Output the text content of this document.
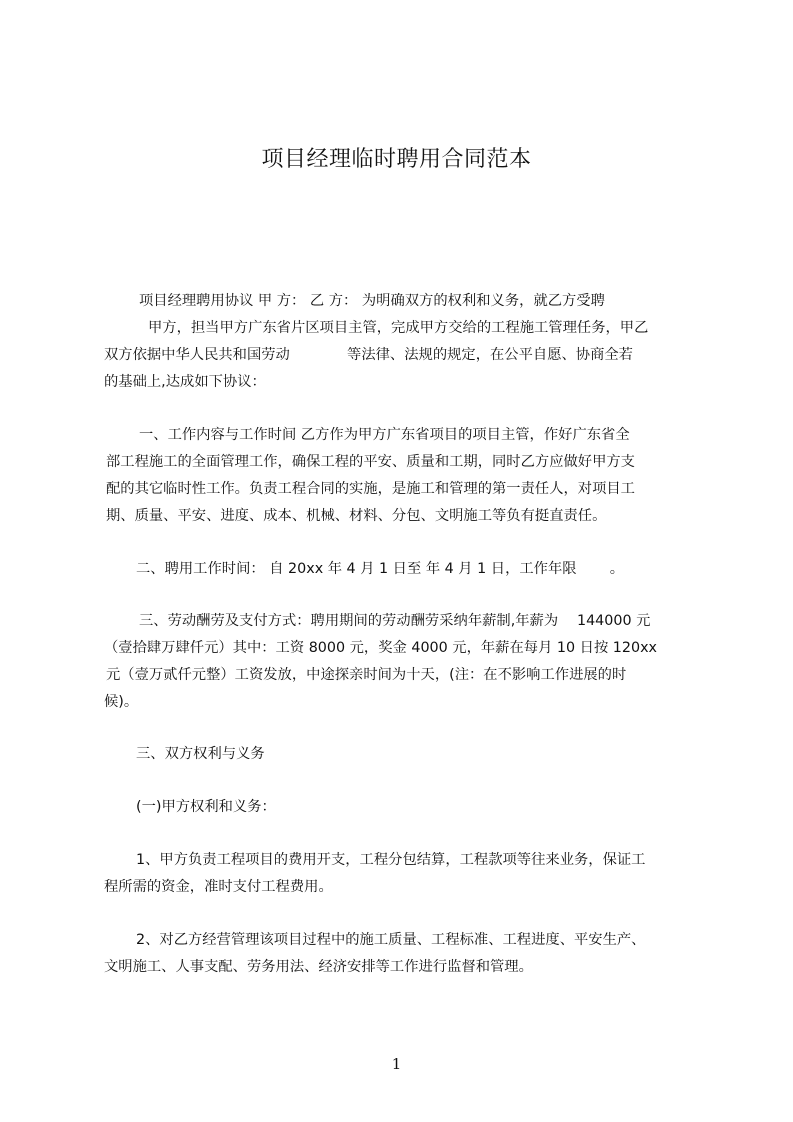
项目经理临时聘用合同范本
项目经理聘用协议 甲 方： 乙 方： 为明确双方的权利和义务，就乙方受聘
甲方，担当甲方广东省片区项目主管，完成甲方交给的工程施工管理任务，甲乙
双方依据中华人民共和国劳动　　　　等法律、法规的规定，在公平自愿、协商全若
的基础上,达成如下协议：
一、工作内容与工作时间 乙方作为甲方广东省项目的项目主管，作好广东省全
部工程施工的全面管理工作，确保工程的平安、质量和工期，同时乙方应做好甲方支
配的其它临时性工作。负责工程合同的实施，是施工和管理的第一责任人，对项目工
期、质量、平安、进度、成本、机械、材料、分包、文明施工等负有挺直责任。
二、聘用工作时间： 自 20xx 年 4 月 1 日至 年 4 月 1 日，工作年限　　 。
三、劳动酬劳及支付方式：聘用期间的劳动酬劳采纳年薪制,年薪为　 144000 元
（壹拾肆万肆仟元）其中：工资 8000 元，奖金 4000 元，年薪在每月 10 日按 120xx
元（壹万贰仟元整）工资发放，中途探亲时间为十天，(注：在不影响工作进展的时
候)。
三、双方权利与义务
(一)甲方权利和义务：
1、甲方负责工程项目的费用开支，工程分包结算，工程款项等往来业务，保证工
程所需的资金，准时支付工程费用。
2、对乙方经营管理该项目过程中的施工质量、工程标准、工程进度、平安生产、
文明施工、人事支配、劳务用法、经济安排等工作进行监督和管理。
1
